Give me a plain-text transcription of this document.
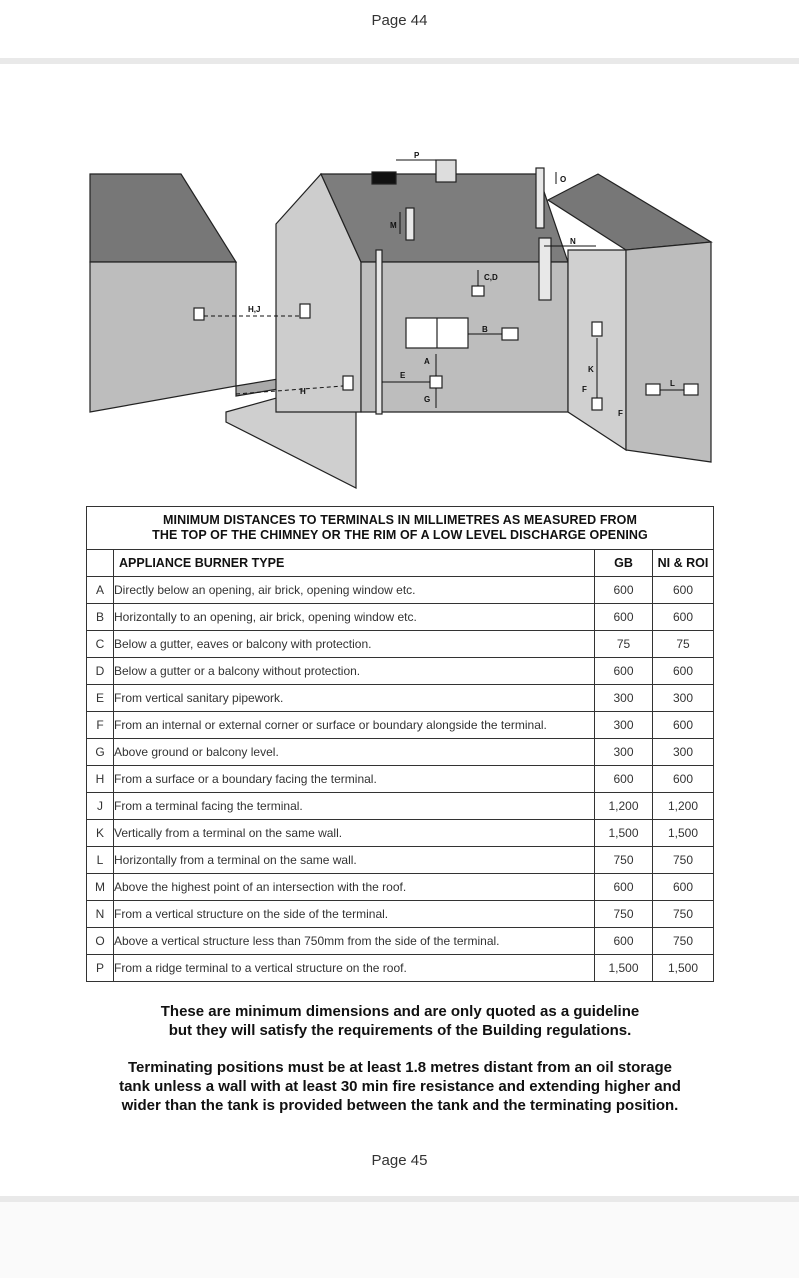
Page 44
P
O
M
N
C,D
H,J
B
A
E
G
H
K
F
F
L
MINIMUM DISTANCES TO TERMINALS IN MILLIMETRES AS MEASURED FROM
THE TOP OF THE CHIMNEY OR THE RIM OF A LOW LEVEL DISCHARGE OPENING			

	APPLIANCE BURNER TYPE	GB	NI & ROI
A	Directly below an opening, air brick, opening window etc.	600	600
B	Horizontally to an opening, air brick, opening window etc.	600	600
C	Below a gutter, eaves or balcony with protection.	75	75
D	Below a gutter or a balcony without protection.	600	600
E	From vertical sanitary pipework.	300	300
F	From an internal or external corner or surface or boundary alongside the terminal.	300	600
G	Above ground or balcony level.	300	300
H	From a surface or a boundary facing the terminal.	600	600
J	From a terminal facing the terminal.	1,200	1,200
K	Vertically from a terminal on the same wall.	1,500	1,500
L	Horizontally from a terminal on the same wall.	750	750
M	Above the highest point of an intersection with the roof.	600	600
N	From a vertical structure on the side of the terminal.	750	750
O	Above a vertical structure less than 750mm from the side of the terminal.	600	750
P	From a ridge terminal to a vertical structure on the roof.	1,500	1,500
These are minimum dimensions and are only quoted as a guideline
but they will satisfy the requirements of the Building regulations.
Terminating positions must be at least 1.8 metres distant from an oil storage
tank unless a wall with at least 30 min fire resistance and extending higher and
wider than the tank is provided between the tank and the terminating position.
Page 45
